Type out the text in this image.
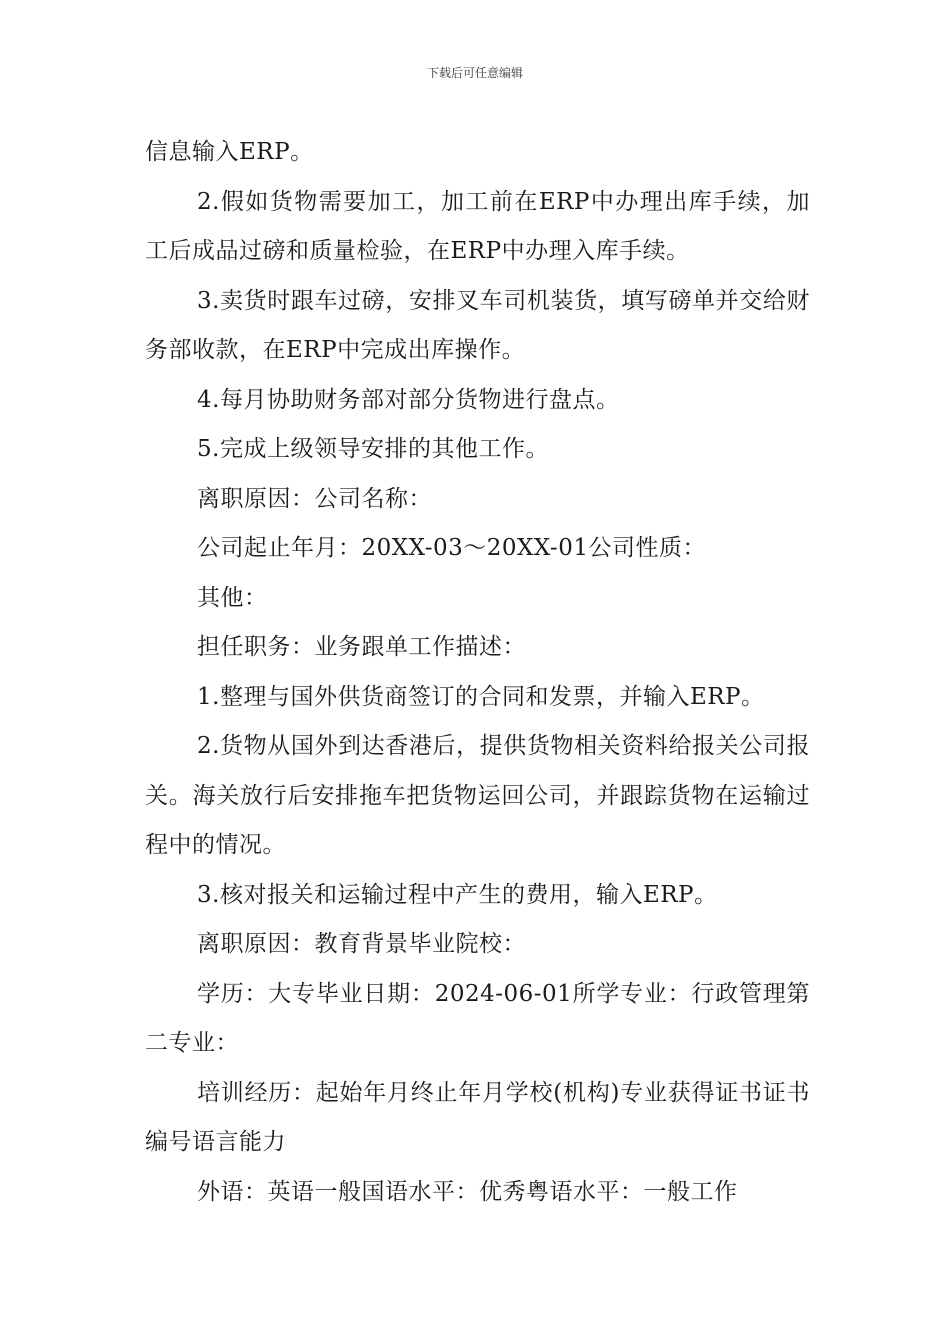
下载后可任意编辑

信息输入ERP。

2.假如货物需要加工，加工前在ERP中办理出库手续，加工后成品过磅和质量检验，在ERP中办理入库手续。

3.卖货时跟车过磅，安排叉车司机装货，填写磅单并交给财务部收款，在ERP中完成出库操作。

4.每月协助财务部对部分货物进行盘点。

5.完成上级领导安排的其他工作。

离职原因：公司名称：

公司起止年月：20XX-03～20XX-01公司性质：

其他：

担任职务：业务跟单工作描述：

1.整理与国外供货商签订的合同和发票，并输入ERP。

2.货物从国外到达香港后，提供货物相关资料给报关公司报关。海关放行后安排拖车把货物运回公司，并跟踪货物在运输过程中的情况。

3.核对报关和运输过程中产生的费用，输入ERP。

离职原因：教育背景毕业院校：

学历：大专毕业日期：2024-06-01所学专业：行政管理第二专业：

培训经历：起始年月终止年月学校(机构)专业获得证书证书编号语言能力

外语：英语一般国语水平：优秀粤语水平：一般工作
